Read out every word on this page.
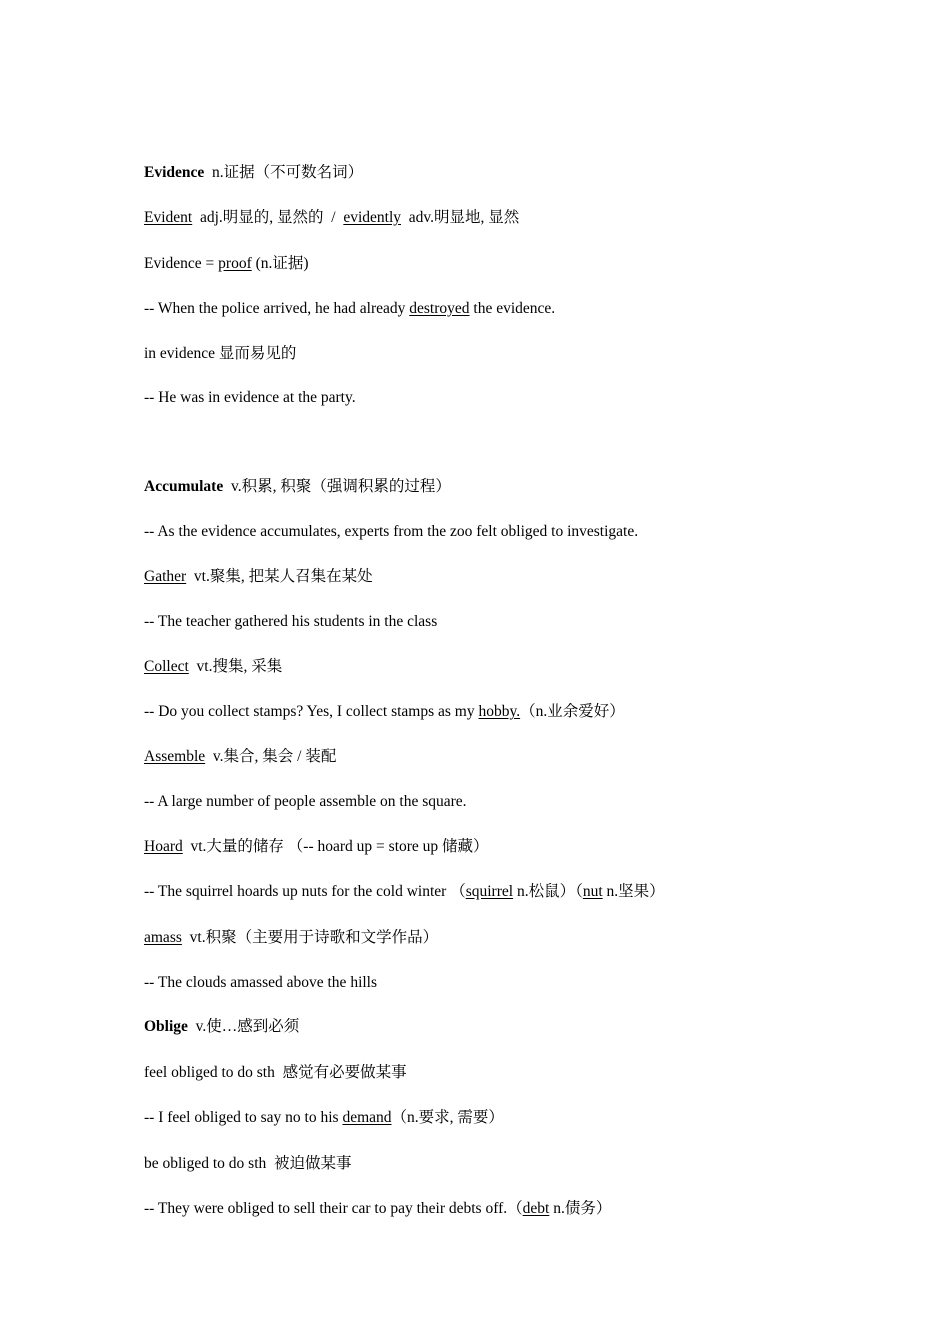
Evidence  n.证据（不可数名词）
Evident  adj.明显的, 显然的  /  evidently  adv.明显地, 显然
Evidence = proof (n.证据)
-- When the police arrived, he had already destroyed the evidence.
in evidence 显而易见的
-- He was in evidence at the party.
Accumulate  v.积累, 积聚（强调积累的过程）
-- As the evidence accumulates, experts from the zoo felt obliged to investigate.
Gather  vt.聚集, 把某人召集在某处
-- The teacher gathered his students in the class
Collect  vt.搜集, 采集
-- Do you collect stamps? Yes, I collect stamps as my hobby.（n.业余爱好）
Assemble  v.集合, 集会 / 装配
-- A large number of people assemble on the square.
Hoard  vt.大量的储存 （-- hoard up = store up 储藏）
-- The squirrel hoards up nuts for the cold winter （squirrel n.松鼠）（nut n.坚果）
amass  vt.积聚（主要用于诗歌和文学作品）
-- The clouds amassed above the hills
Oblige  v.使…感到必须
feel obliged to do sth  感觉有必要做某事
-- I feel obliged to say no to his demand（n.要求, 需要）
be obliged to do sth  被迫做某事
-- They were obliged to sell their car to pay their debts off.（debt n.债务）
